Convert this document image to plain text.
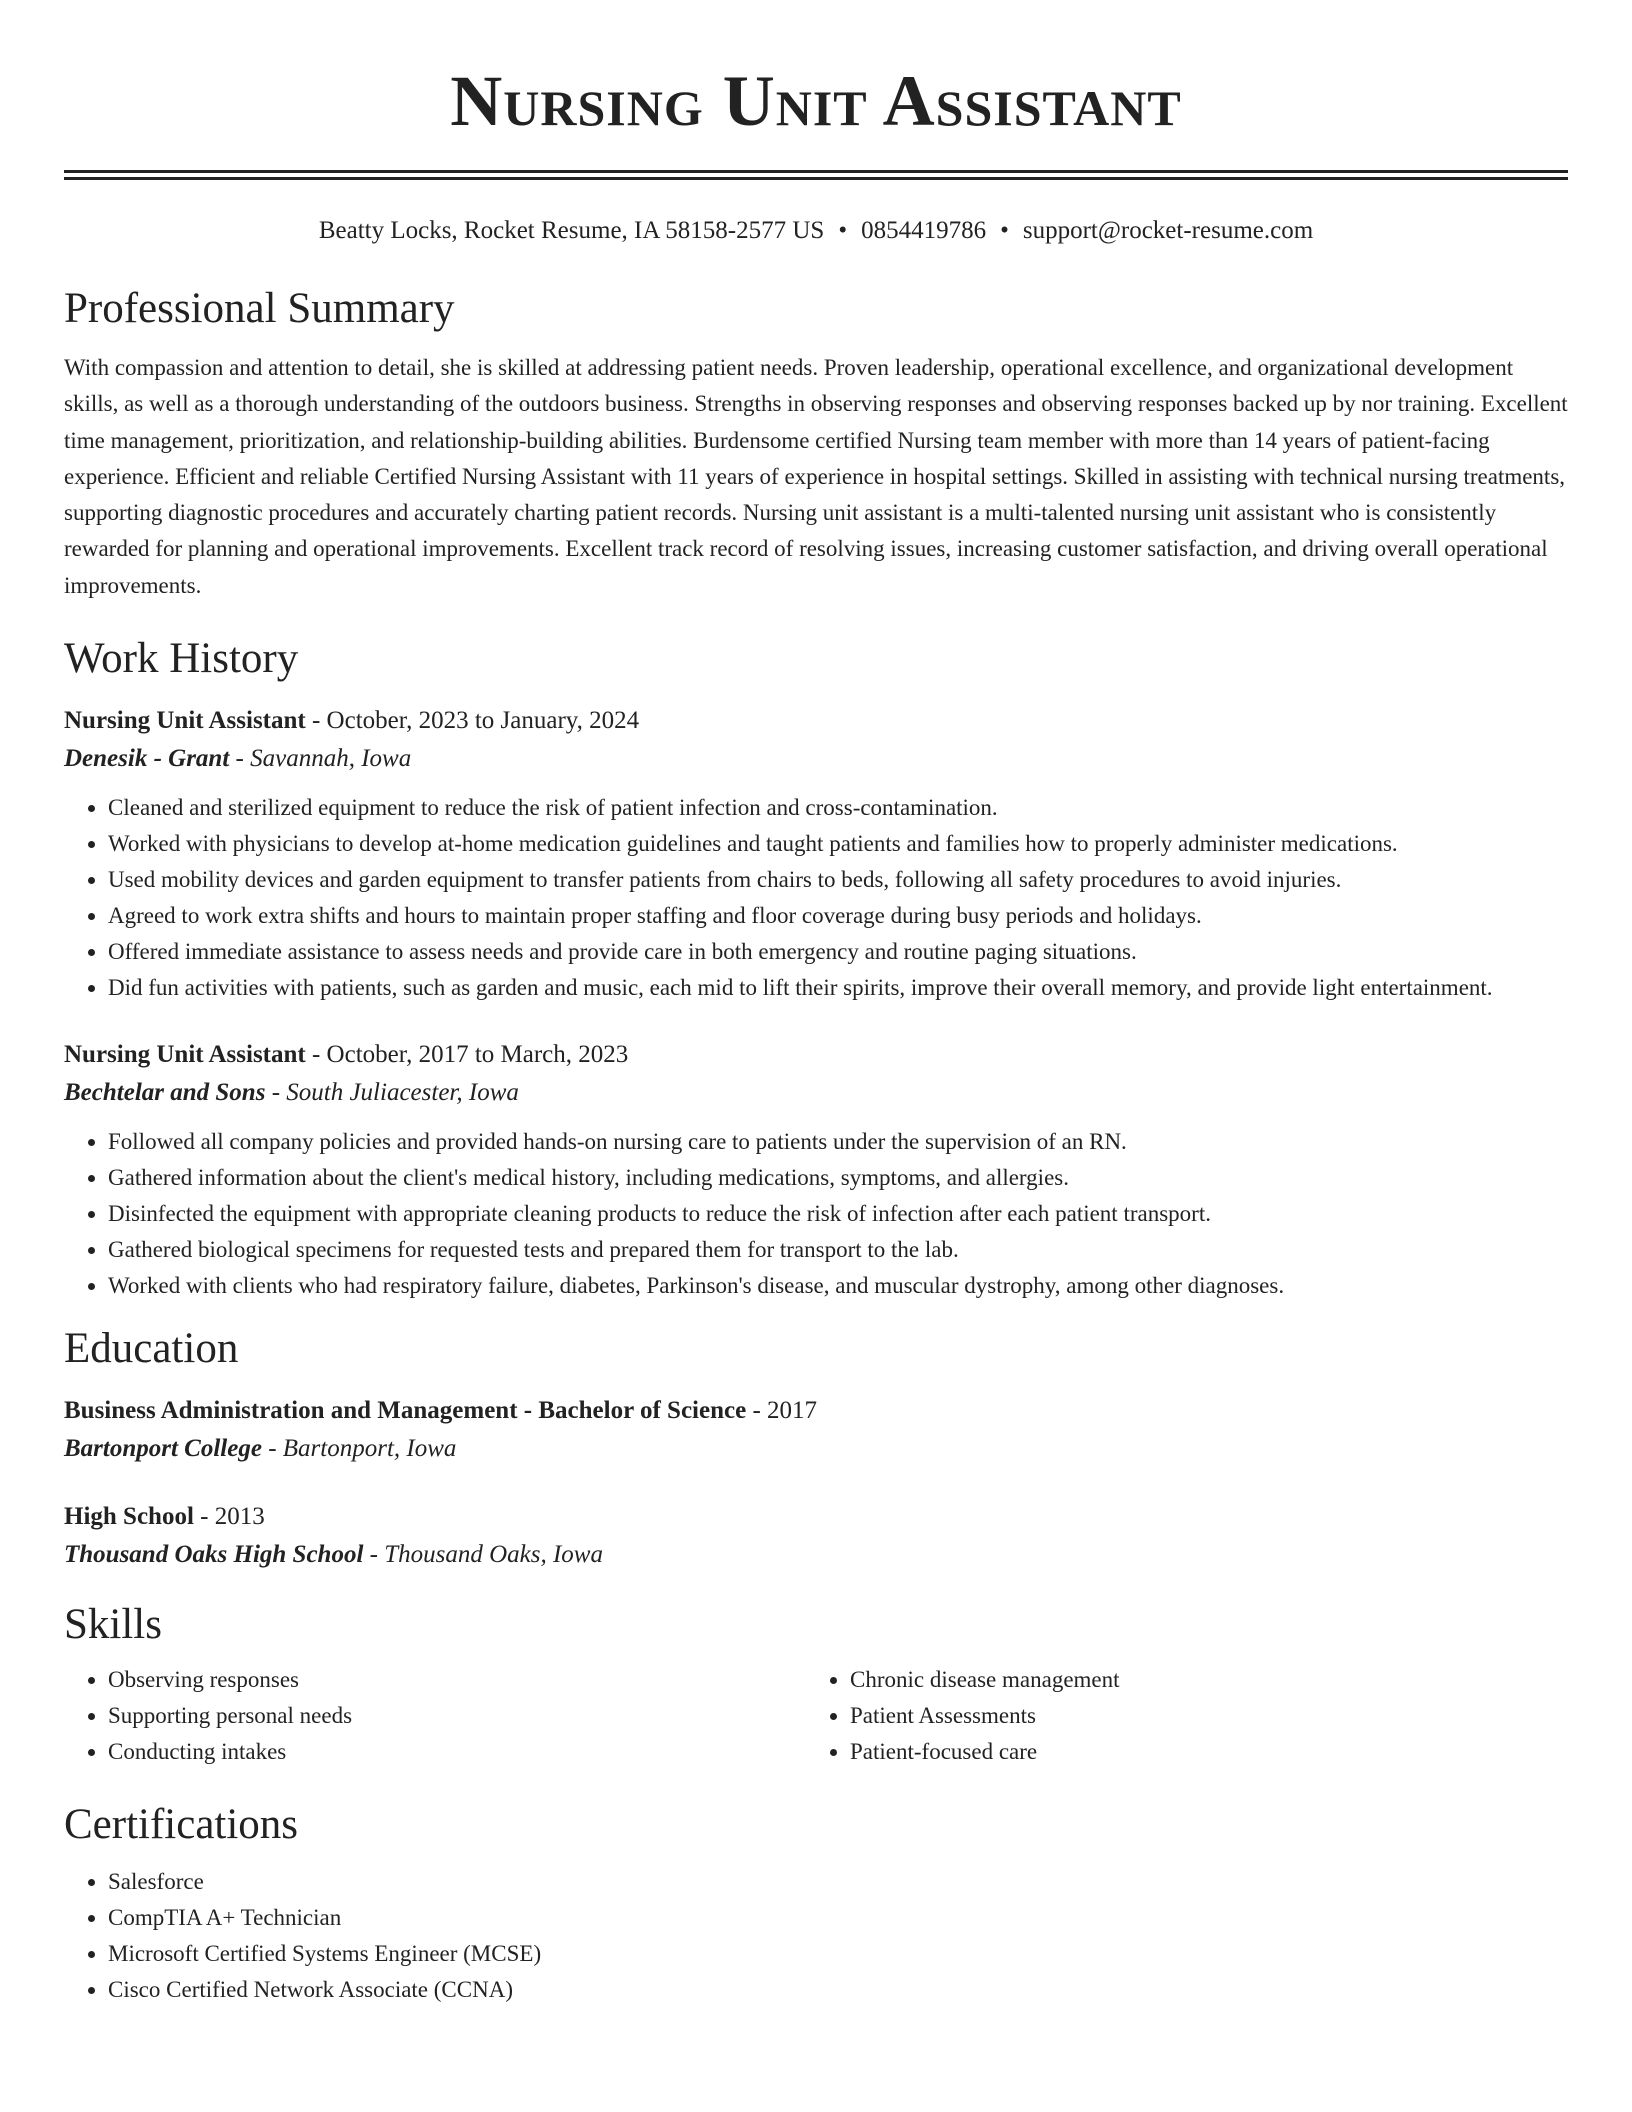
Nursing Unit Assistant
Beatty Locks, Rocket Resume, IA 58158-2577 US • 0854419786 • support@rocket-resume.com
Professional Summary

With compassion and attention to detail, she is skilled at addressing patient needs. Proven leadership, operational excellence, and organizational development skills, as well as a thorough understanding of the outdoors business. Strengths in observing responses and observing responses backed up by nor training. Excellent time management, prioritization, and relationship-building abilities. Burdensome certified Nursing team member with more than 14 years of patient-facing experience. Efficient and reliable Certified Nursing Assistant with 11 years of experience in hospital settings. Skilled in assisting with technical nursing treatments, supporting diagnostic procedures and accurately charting patient records. Nursing unit assistant is a multi-talented nursing unit assistant who is consistently rewarded for planning and operational improvements. Excellent track record of resolving issues, increasing customer satisfaction, and driving overall operational improvements.

Work History
Nursing Unit Assistant - October, 2023 to January, 2024
Denesik - Grant - Savannah, Iowa
• Cleaned and sterilized equipment to reduce the risk of patient infection and cross-contamination.
• Worked with physicians to develop at-home medication guidelines and taught patients and families how to properly administer medications.
• Used mobility devices and garden equipment to transfer patients from chairs to beds, following all safety procedures to avoid injuries.
• Agreed to work extra shifts and hours to maintain proper staffing and floor coverage during busy periods and holidays.
• Offered immediate assistance to assess needs and provide care in both emergency and routine paging situations.
• Did fun activities with patients, such as garden and music, each mid to lift their spirits, improve their overall memory, and provide light entertainment.
Nursing Unit Assistant - October, 2017 to March, 2023
Bechtelar and Sons - South Juliacester, Iowa
• Followed all company policies and provided hands-on nursing care to patients under the supervision of an RN.
• Gathered information about the client's medical history, including medications, symptoms, and allergies.
• Disinfected the equipment with appropriate cleaning products to reduce the risk of infection after each patient transport.
• Gathered biological specimens for requested tests and prepared them for transport to the lab.
• Worked with clients who had respiratory failure, diabetes, Parkinson's disease, and muscular dystrophy, among other diagnoses.
Education
Business Administration and Management - Bachelor of Science - 2017
Bartonport College - Bartonport, Iowa
High School - 2013
Thousand Oaks High School - Thousand Oaks, Iowa
Skills
• Observing responses
• Supporting personal needs
• Conducting intakes
• Chronic disease management
• Patient Assessments
• Patient-focused care
Certifications
• Salesforce
• CompTIA A+ Technician
• Microsoft Certified Systems Engineer (MCSE)
• Cisco Certified Network Associate (CCNA)
